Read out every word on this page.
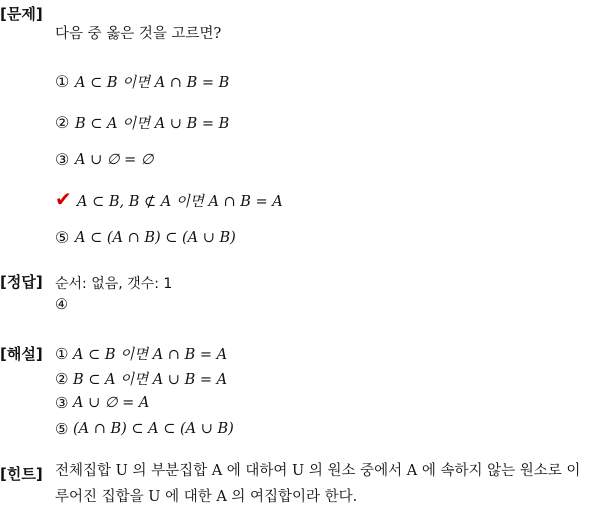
[문제]
다음 중 옳은 것을 고르면?
① A ⊂ B 이면 A ∩ B = B
② B ⊂ A 이면 A ∪ B = B
③ A ∪ ∅ = ∅
✔ A ⊂ B, B ⊄ A 이면 A ∩ B = A
⑤ A ⊂ (A ∩ B) ⊂ (A ∪ B)
[정답] 순서: 없음, 갯수: 1
④
[해설] ① A ⊂ B 이면 A ∩ B = A
② B ⊂ A 이면 A ∪ B = A
③ A ∪ ∅ = A
⑤ (A ∩ B) ⊂ A ⊂ (A ∪ B)
[힌트] 전체집합 U 의 부분집합 A 에 대하여 U 의 원소 중에서 A 에 속하지 않는 원소로 이루어진 집합을 U 에 대한 A 의 여집합이라 한다.
